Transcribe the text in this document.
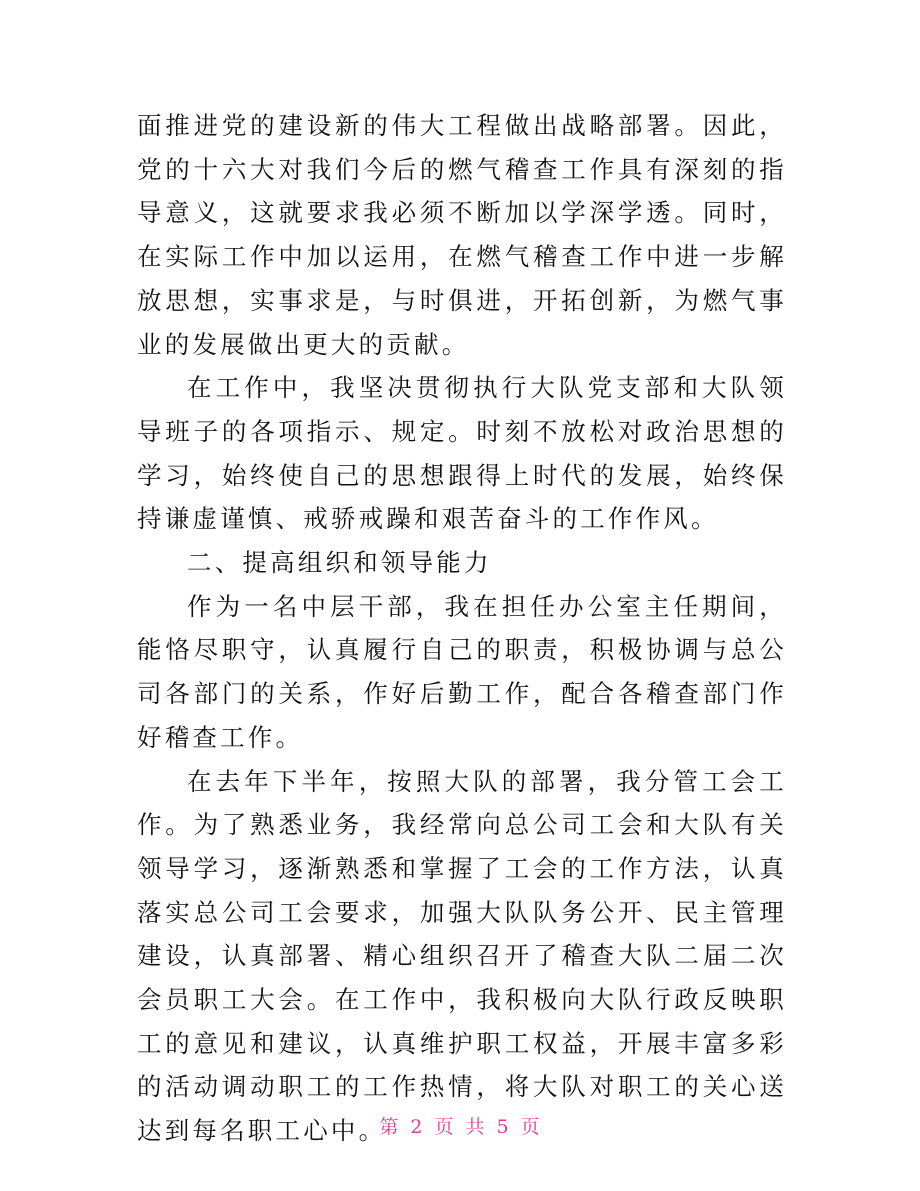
面推进党的建设新的伟大工程做出战略部署。因此，党的十六大对我们今后的燃气稽查工作具有深刻的指导意义，这就要求我必须不断加以学深学透。同时，在实际工作中加以运用，在燃气稽查工作中进一步解放思想，实事求是，与时俱进，开拓创新，为燃气事业的发展做出更大的贡献。

在工作中，我坚决贯彻执行大队党支部和大队领导班子的各项指示、规定。时刻不放松对政治思想的学习，始终使自己的思想跟得上时代的发展，始终保持谦虚谨慎、戒骄戒躁和艰苦奋斗的工作作风。

二、提高组织和领导能力

作为一名中层干部，我在担任办公室主任期间，能恪尽职守，认真履行自己的职责，积极协调与总公司各部门的关系，作好后勤工作，配合各稽查部门作好稽查工作。

在去年下半年，按照大队的部署，我分管工会工作。为了熟悉业务，我经常向总公司工会和大队有关领导学习，逐渐熟悉和掌握了工会的工作方法，认真落实总公司工会要求，加强大队队务公开、民主管理建设，认真部署、精心组织召开了稽查大队二届二次会员职工大会。在工作中，我积极向大队行政反映职工的意见和建议，认真维护职工权益，开展丰富多彩的活动调动职工的工作热情，将大队对职工的关心送达到每名职工心中。

第 2 页 共 5 页
